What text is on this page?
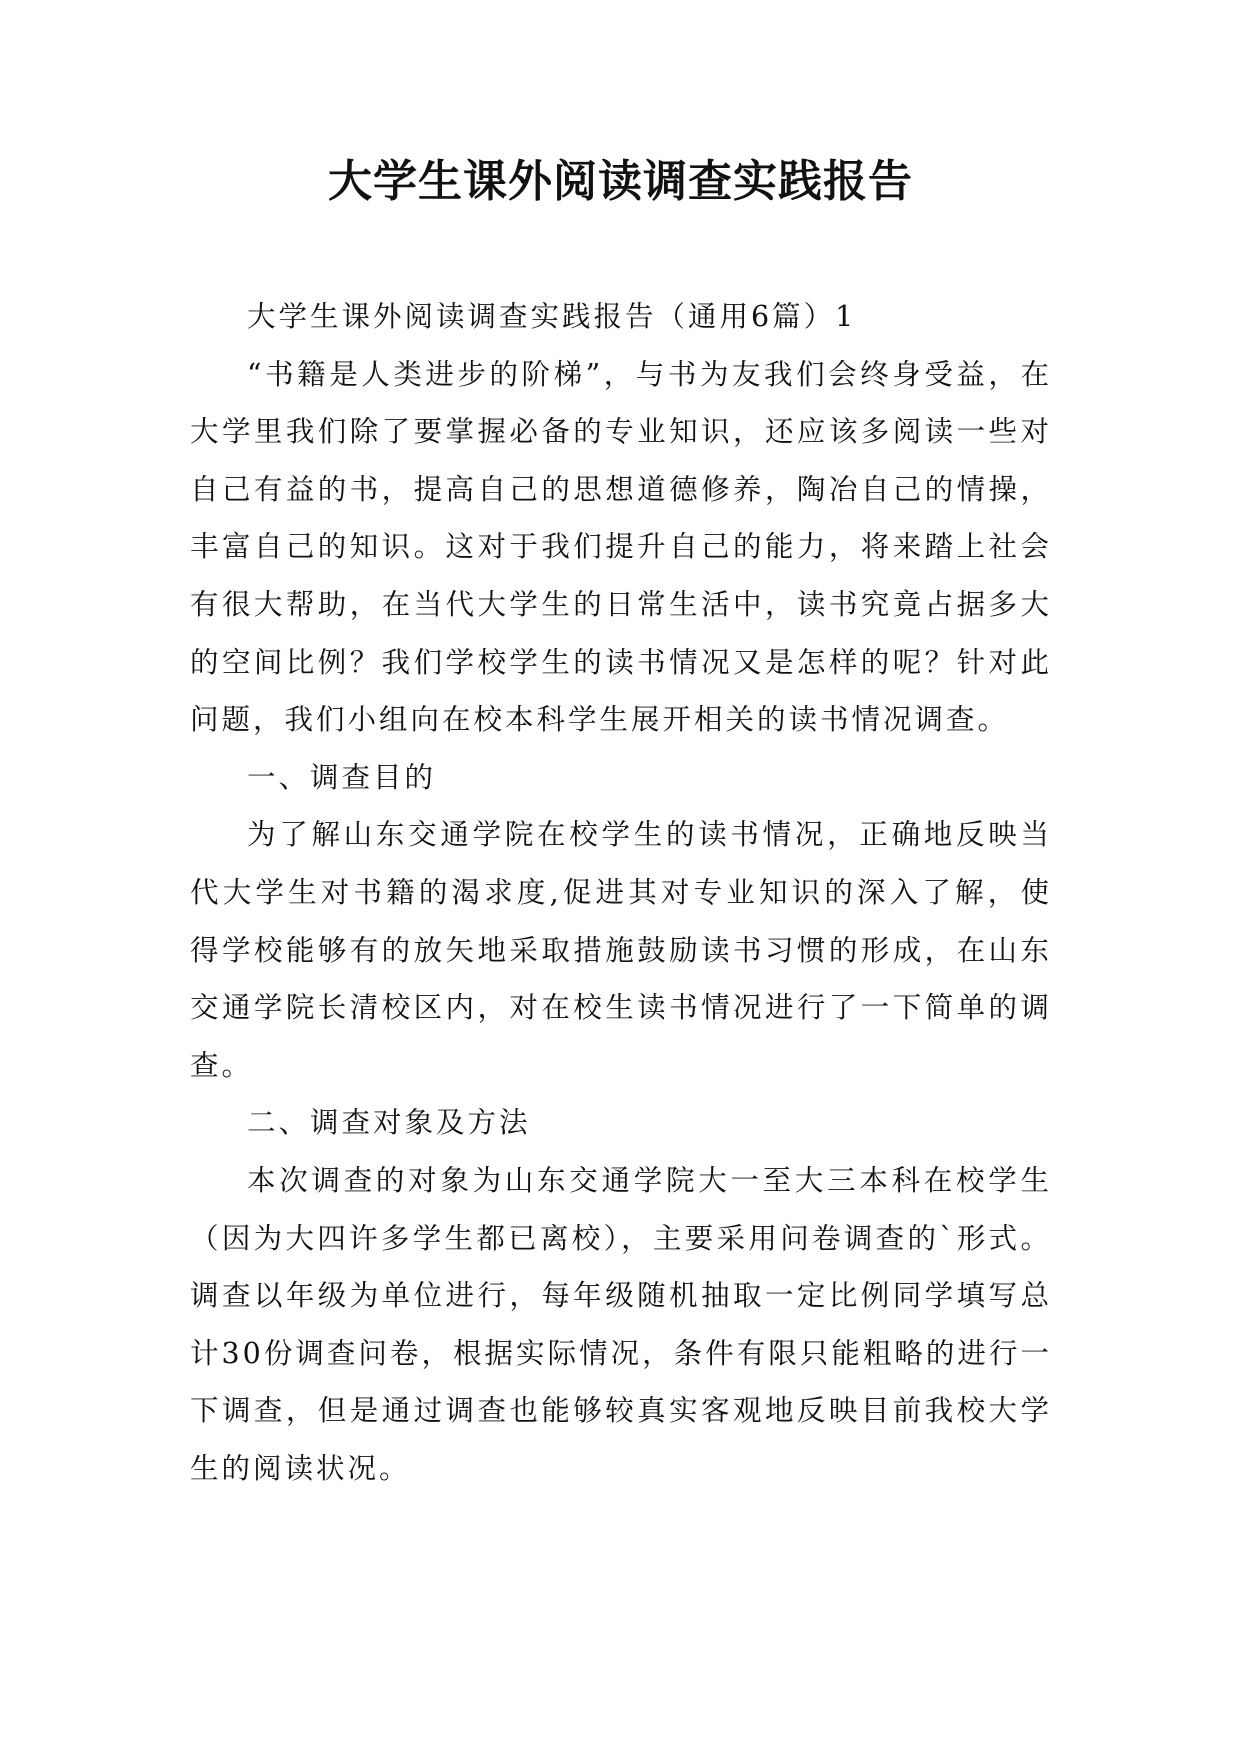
大学生课外阅读调查实践报告

大学生课外阅读调查实践报告（通用6篇）1

“书籍是人类进步的阶梯”，与书为友我们会终身受益，在大学里我们除了要掌握必备的专业知识，还应该多阅读一些对自己有益的书，提高自己的思想道德修养，陶冶自己的情操，丰富自己的知识。这对于我们提升自己的能力，将来踏上社会有很大帮助，在当代大学生的日常生活中，读书究竟占据多大的空间比例？我们学校学生的读书情况又是怎样的呢？针对此问题，我们小组向在校本科学生展开相关的读书情况调查。

一、调查目的

为了解山东交通学院在校学生的读书情况，正确地反映当代大学生对书籍的渴求度,促进其对专业知识的深入了解，使得学校能够有的放矢地采取措施鼓励读书习惯的形成，在山东交通学院长清校区内，对在校生读书情况进行了一下简单的调查。

二、调查对象及方法

本次调查的对象为山东交通学院大一至大三本科在校学生（因为大四许多学生都已离校），主要采用问卷调查的`形式。调查以年级为单位进行，每年级随机抽取一定比例同学填写总计30份调查问卷，根据实际情况，条件有限只能粗略的进行一下调查，但是通过调查也能够较真实客观地反映目前我校大学生的阅读状况。
